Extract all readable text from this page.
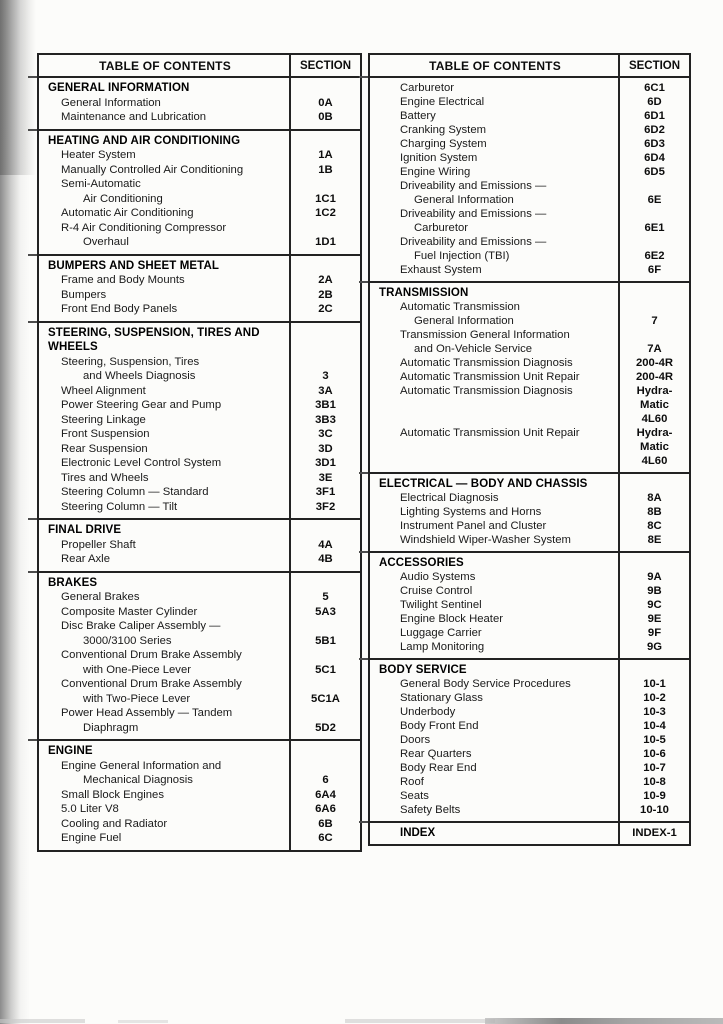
TABLE OF CONTENTS	SECTION
GENERAL INFORMATION
General Information	0A
Maintenance and Lubrication	0B
HEATING AND AIR CONDITIONING
Heater System	1A
Manually Controlled Air Conditioning	1B
Semi-Automatic
Air Conditioning	1C1
Automatic Air Conditioning	1C2
R-4 Air Conditioning Compressor
Overhaul	1D1
BUMPERS AND SHEET METAL
Frame and Body Mounts	2A
Bumpers	2B
Front End Body Panels	2C
STEERING, SUSPENSION, TIRES AND
WHEELS
Steering, Suspension, Tires
and Wheels Diagnosis	3
Wheel Alignment	3A
Power Steering Gear and Pump	3B1
Steering Linkage	3B3
Front Suspension	3C
Rear Suspension	3D
Electronic Level Control System	3D1
Tires and Wheels	3E
Steering Column — Standard	3F1
Steering Column — Tilt	3F2
FINAL DRIVE
Propeller Shaft	4A
Rear Axle	4B
BRAKES
General Brakes	5
Composite Master Cylinder	5A3
Disc Brake Caliper Assembly —
3000/3100 Series	5B1
Conventional Drum Brake Assembly
with One-Piece Lever	5C1
Conventional Drum Brake Assembly
with Two-Piece Lever	5C1A
Power Head Assembly — Tandem
Diaphragm	5D2
ENGINE
Engine General Information and
Mechanical Diagnosis	6
Small Block Engines	6A4
5.0 Liter V8	6A6
Cooling and Radiator	6B
Engine Fuel	6C
TABLE OF CONTENTS	SECTION
Carburetor	6C1
Engine Electrical	6D
Battery	6D1
Cranking System	6D2
Charging System	6D3
Ignition System	6D4
Engine Wiring	6D5
Driveability and Emissions —
General Information	6E
Driveability and Emissions —
Carburetor	6E1
Driveability and Emissions —
Fuel Injection (TBI)	6E2
Exhaust System	6F
TRANSMISSION
Automatic Transmission
General Information	7
Transmission General Information
and On-Vehicle Service	7A
Automatic Transmission Diagnosis	200-4R
Automatic Transmission Unit Repair	200-4R
Automatic Transmission Diagnosis	Hydra-
Matic
4L60
Automatic Transmission Unit Repair	Hydra-
Matic
4L60
ELECTRICAL — BODY AND CHASSIS
Electrical Diagnosis	8A
Lighting Systems and Horns	8B
Instrument Panel and Cluster	8C
Windshield Wiper-Washer System	8E
ACCESSORIES
Audio Systems	9A
Cruise Control	9B
Twilight Sentinel	9C
Engine Block Heater	9E
Luggage Carrier	9F
Lamp Monitoring	9G
BODY SERVICE
General Body Service Procedures	10-1
Stationary Glass	10-2
Underbody	10-3
Body Front End	10-4
Doors	10-5
Rear Quarters	10-6
Body Rear End	10-7
Roof	10-8
Seats	10-9
Safety Belts	10-10
INDEX	INDEX-1
